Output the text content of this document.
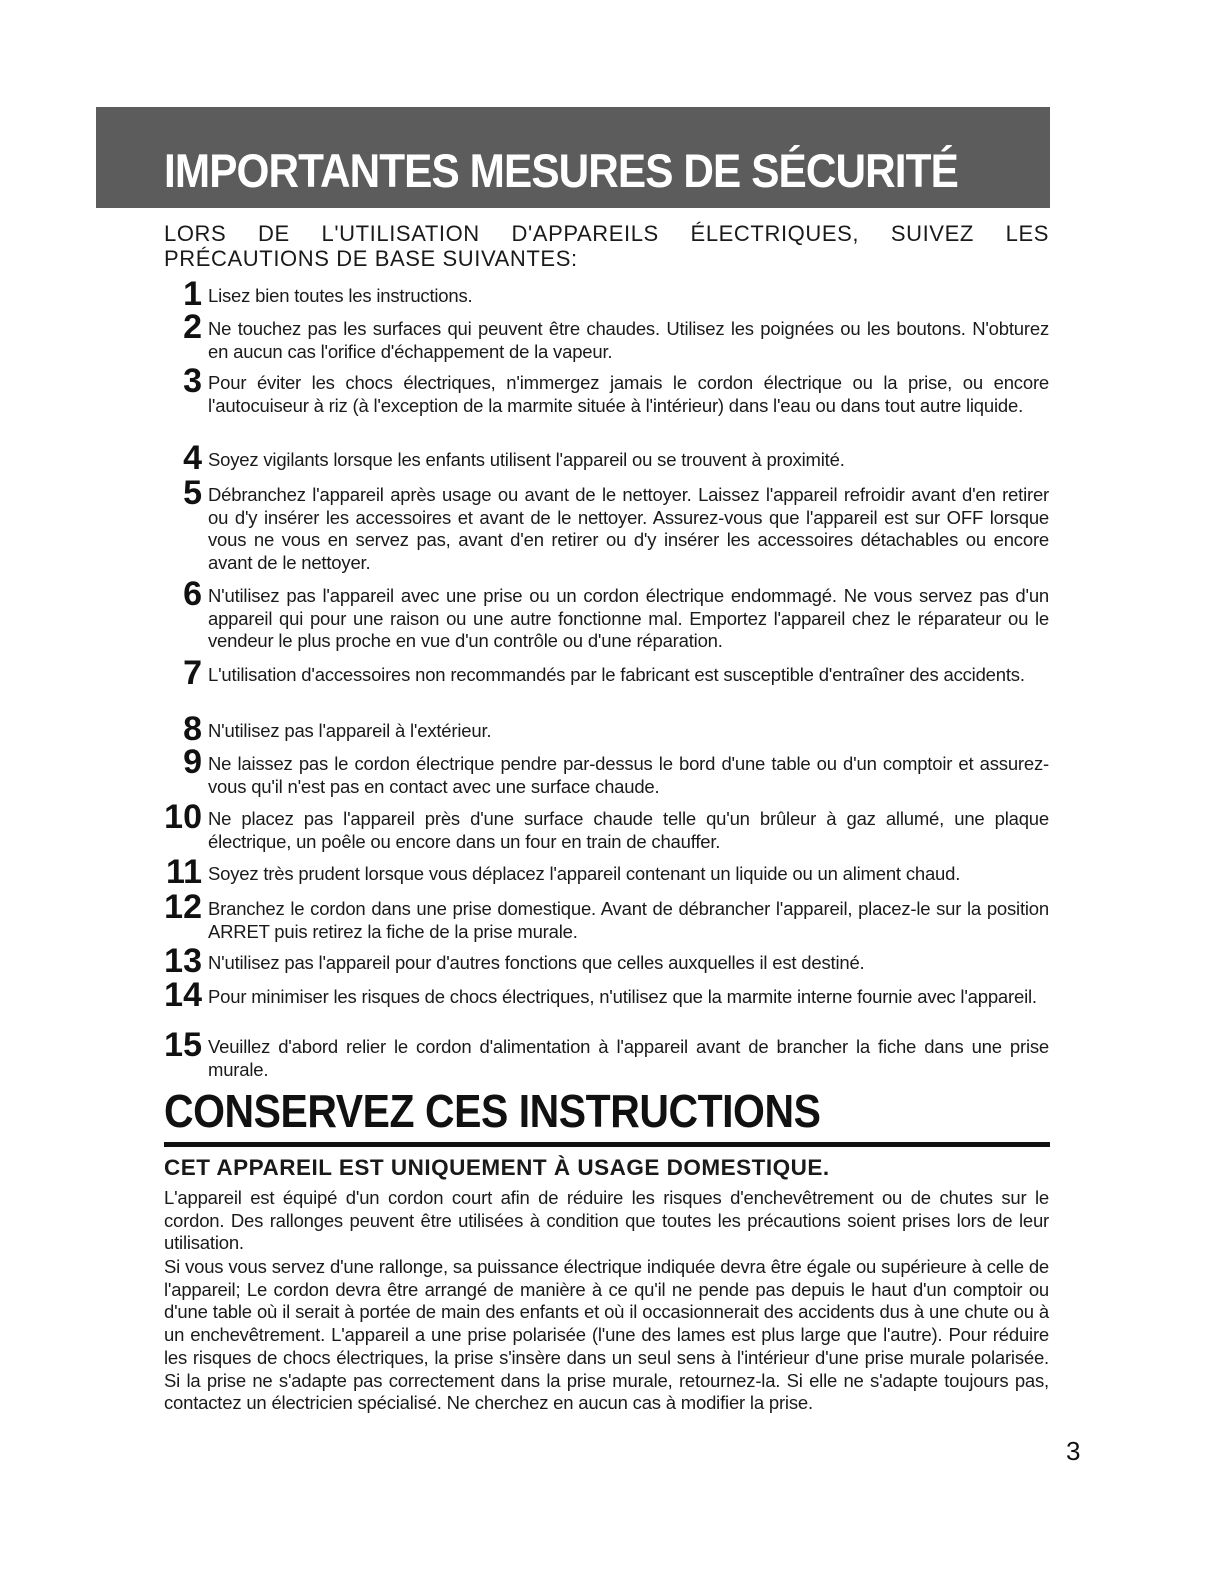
IMPORTANTES MESURES DE SÉCURITÉ

LORS DE L'UTILISATION D'APPAREILS ÉLECTRIQUES, SUIVEZ LES PRÉCAUTIONS DE BASE SUIVANTES:

1 Lisez bien toutes les instructions.
2 Ne touchez pas les surfaces qui peuvent être chaudes. Utilisez les poignées ou les boutons. N'obturez en aucun cas l'orifice d'échappement de la vapeur.
3 Pour éviter les chocs électriques, n'immergez jamais le cordon électrique ou la prise, ou encore l'autocuiseur à riz (à l'exception de la marmite située à l'intérieur) dans l'eau ou dans tout autre liquide.
4 Soyez vigilants lorsque les enfants utilisent l'appareil ou se trouvent à proximité.
5 Débranchez l'appareil après usage ou avant de le nettoyer. Laissez l'appareil refroidir avant d'en retirer ou d'y insérer les accessoires et avant de le nettoyer. Assurez-vous que l'appareil est sur OFF lorsque vous ne vous en servez pas, avant d'en retirer ou d'y insérer les accessoires détachables ou encore avant de le nettoyer.
6 N'utilisez pas l'appareil avec une prise ou un cordon électrique endommagé. Ne vous servez pas d'un appareil qui pour une raison ou une autre fonctionne mal. Emportez l'appareil chez le réparateur ou le vendeur le plus proche en vue d'un contrôle ou d'une réparation.
7 L'utilisation d'accessoires non recommandés par le fabricant est susceptible d'entraîner des accidents.
8 N'utilisez pas l'appareil à l'extérieur.
9 Ne laissez pas le cordon électrique pendre par-dessus le bord d'une table ou d'un comptoir et assurez-vous qu'il n'est pas en contact avec une surface chaude.
10 Ne placez pas l'appareil près d'une surface chaude telle qu'un brûleur à gaz allumé, une plaque électrique, un poêle ou encore dans un four en train de chauffer.
11 Soyez très prudent lorsque vous déplacez l'appareil contenant un liquide ou un aliment chaud.
12 Branchez le cordon dans une prise domestique. Avant de débrancher l'appareil, placez-le sur la position ARRET puis retirez la fiche de la prise murale.
13 N'utilisez pas l'appareil pour d'autres fonctions que celles auxquelles il est destiné.
14 Pour minimiser les risques de chocs électriques, n'utilisez que la marmite interne fournie avec l'appareil.
15 Veuillez d'abord relier le cordon d'alimentation à l'appareil avant de brancher la fiche dans une prise murale.
CONSERVEZ CES INSTRUCTIONS
CET APPAREIL EST UNIQUEMENT À USAGE DOMESTIQUE.

L'appareil est équipé d'un cordon court afin de réduire les risques d'enchevêtrement ou de chutes sur le cordon. Des rallonges peuvent être utilisées à condition que toutes les précautions soient prises lors de leur utilisation.

Si vous vous servez d'une rallonge, sa puissance électrique indiquée devra être égale ou supérieure à celle de l'appareil; Le cordon devra être arrangé de manière à ce qu'il ne pende pas depuis le haut d'un comptoir ou d'une table où il serait à portée de main des enfants et où il occasionnerait des accidents dus à une chute ou à un enchevêtrement. L'appareil a une prise polarisée (l'une des lames est plus large que l'autre). Pour réduire les risques de chocs électriques, la prise s'insère dans un seul sens à l'intérieur d'une prise murale polarisée. Si la prise ne s'adapte pas correctement dans la prise murale, retournez-la. Si elle ne s'adapte toujours pas, contactez un électricien spécialisé. Ne cherchez en aucun cas à modifier la prise.

3
